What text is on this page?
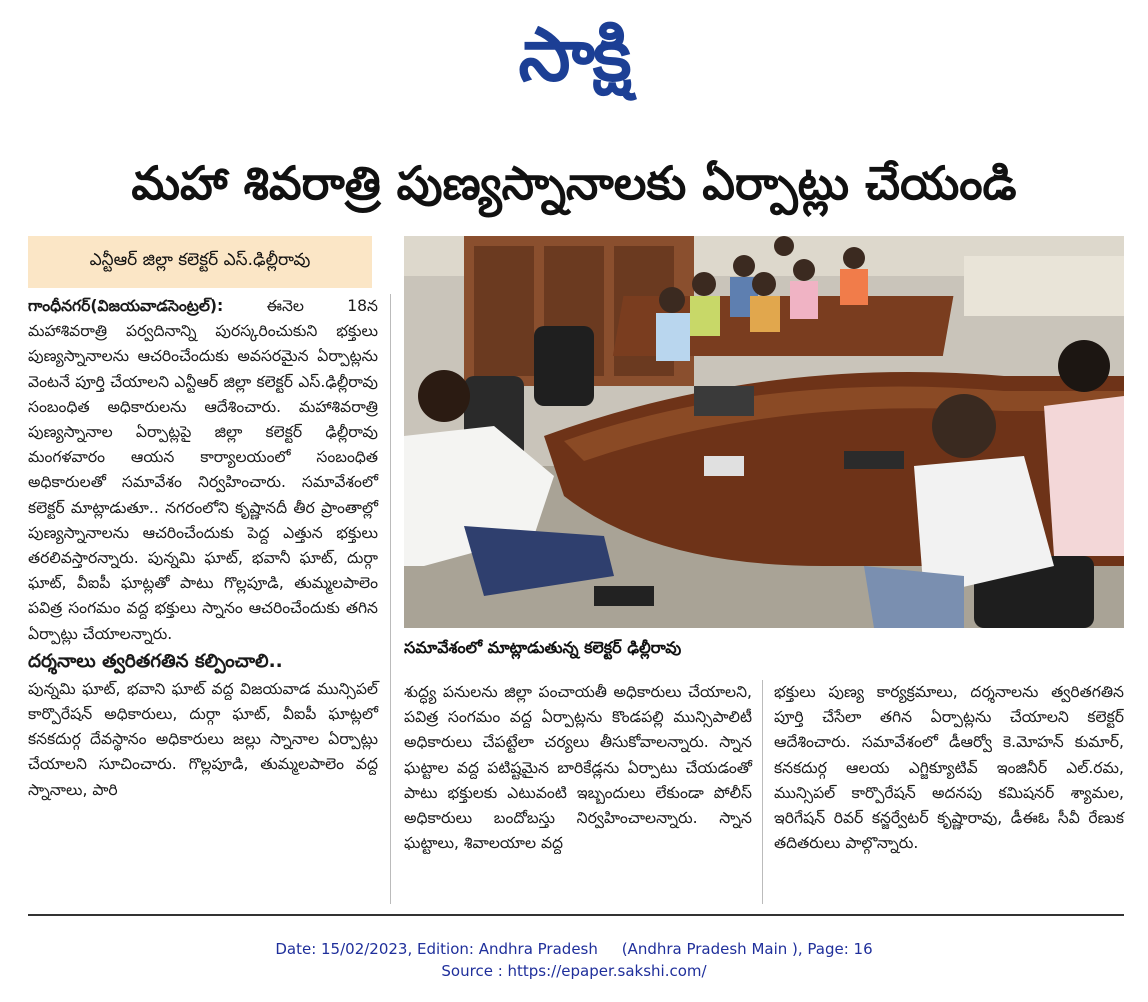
సాక్షి
మహా శివరాత్రి పుణ్యస్నానాలకు ఏర్పాట్లు చేయండి
ఎన్టీఆర్ జిల్లా కలెక్టర్ ఎస్.ఢిల్లీరావు

గాంధీనగర్(విజయవాడసెంట్రల్):	ఈనెల 18న మహాశివరాత్రి పర్వదినాన్ని పురస్కరించుకుని భక్తులు పుణ్యస్నానాలను ఆచరించేందుకు అవసరమైన ఏర్పాట్లను వెంటనే పూర్తి చేయాలని ఎన్టీఆర్ జిల్లా కలెక్టర్ ఎస్.ఢిల్లీరావు సంబంధిత అధికారులను ఆదేశించారు. మహాశివరాత్రి పుణ్యస్నానాల ఏర్పాట్లపై జిల్లా కలెక్టర్ ఢిల్లీరావు మంగళవారం ఆయన కార్యాలయంలో సంబంధిత అధికారులతో సమావేశం నిర్వహించారు. సమావేశంలో కలెక్టర్ మాట్లాడుతూ.. నగరంలోని కృష్ణానదీ తీర ప్రాంతాల్లో పుణ్యస్నానాలను ఆచరించేందుకు పెద్ద ఎత్తున భక్తులు తరలివస్తారన్నారు. పున్నమి ఘాట్, భవానీ ఘాట్, దుర్గా ఘాట్, వీఐపీ ఘాట్లతో పాటు గొల్లపూడి, తుమ్మలపాలెం పవిత్ర సంగమం వద్ద భక్తులు స్నానం ఆచరించేందుకు తగిన ఏర్పాట్లు చేయాలన్నారు.

దర్శనాలు త్వరితగతిన కల్పించాలి..

పున్నమి ఘాట్, భవాని ఘాట్ వద్ద విజయవాడ మున్సిపల్ కార్పొరేషన్ అధికారులు, దుర్గా ఘాట్, వీఐపీ ఘాట్లలో కనకదుర్గ దేవస్థానం అధికారులు జల్లు స్నానాల ఏర్పాట్లు చేయాలని సూచించారు. గొల్లపూడి, తుమ్మలపాలెం వద్ద స్నానాలు, పారి

సమావేశంలో మాట్లాడుతున్న కలెక్టర్ ఢిల్లీరావు

శుద్ధ్య పనులను జిల్లా పంచాయతీ అధికారులు చేయాలని, పవిత్ర సంగమం వద్ద ఏర్పాట్లను కొండపల్లి మున్సిపాలిటీ అధికారులు చేపట్టేలా చర్యలు తీసుకోవాలన్నారు. స్నాన ఘట్టాల వద్ద పటిష్టమైన బారికేడ్లను ఏర్పాటు చేయడంతో పాటు భక్తులకు ఎటువంటి ఇబ్బందులు లేకుండా పోలీస్ అధికారులు బందోబస్తు నిర్వహించాలన్నారు. స్నాన ఘట్టాలు, శివాలయాల వద్ద

భక్తులు పుణ్య కార్యక్రమాలు, దర్శనాలను త్వరితగతిన పూర్తి చేసేలా తగిన ఏర్పాట్లను చేయాలని కలెక్టర్ ఆదేశించారు. సమావేశంలో డీఆర్వో కె.మోహన్ కుమార్, కనకదుర్గ ఆలయ ఎగ్జిక్యూటివ్ ఇంజినీర్ ఎల్.రమ, మున్సిపల్ కార్పొరేషన్ అదనపు కమిషనర్ శ్యామల, ఇరిగేషన్ రివర్ కన్జర్వేటర్ కృష్ణారావు, డీఈఓ సీవీ రేణుక తదితరులు పాల్గొన్నారు.

Date: 15/02/2023, Edition: Andhra Pradesh     (Andhra Pradesh Main ), Page: 16
Source : https://epaper.sakshi.com/
